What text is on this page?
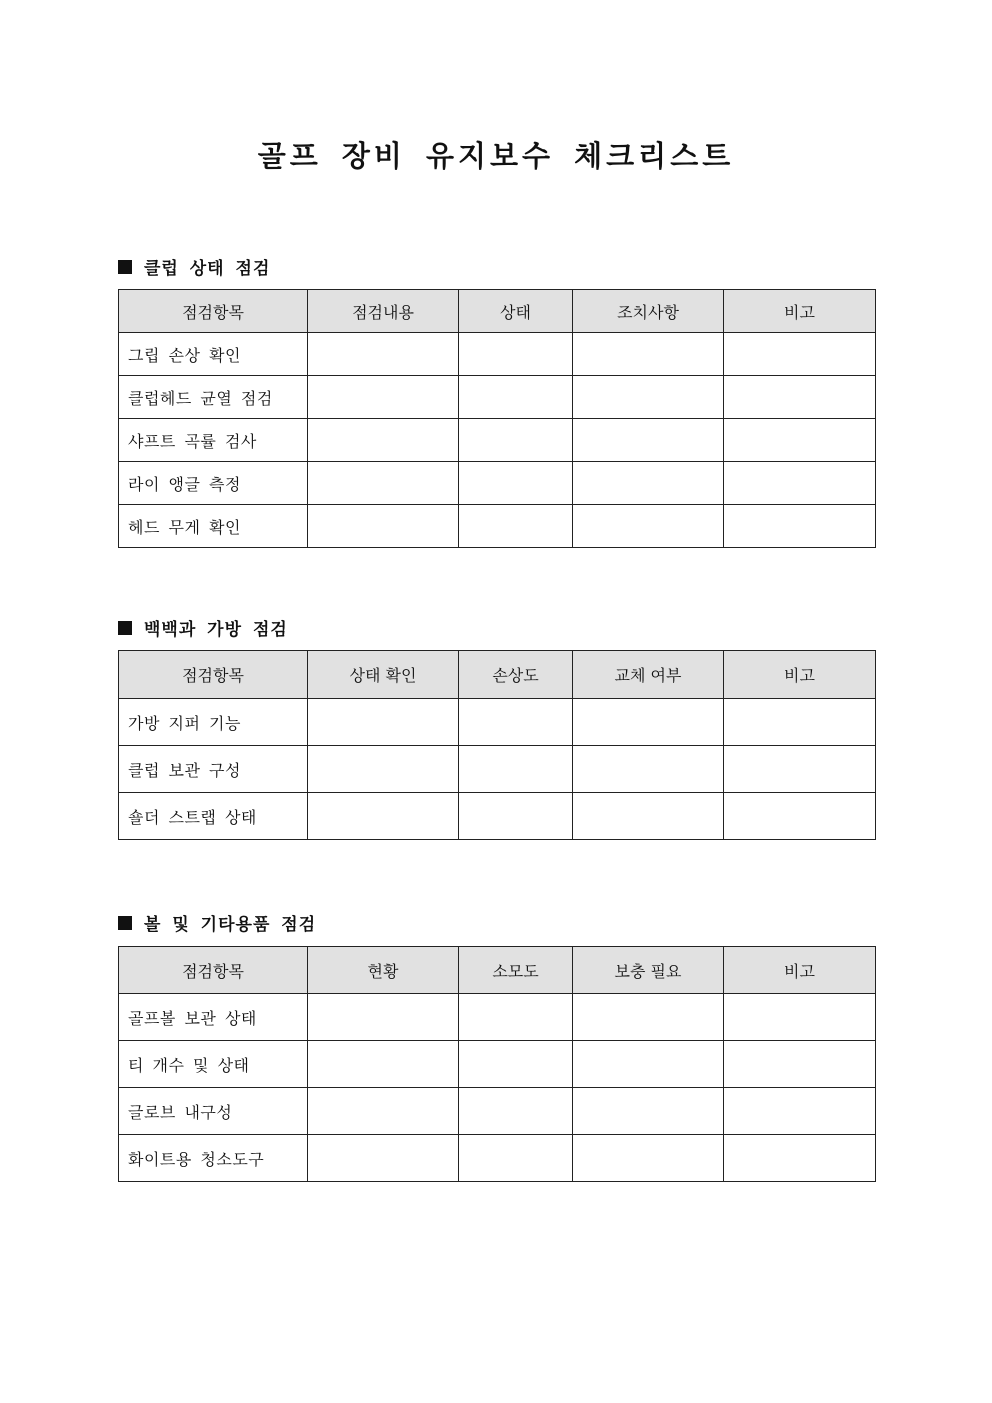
골프 장비 유지보수 체크리스트
클럽 상태 점검
백백과 가방 점검
볼 및 기타용품 점검
점검항목	점검내용	상태	조치사항	비고
그립 손상 확인				
클럽헤드 균열 점검				
샤프트 곡률 검사				
라이 앵글 측정				
헤드 무게 확인				
점검항목	상태 확인	손상도	교체 여부	비고
가방 지퍼 기능				
클럽 보관 구성				
숄더 스트랩 상태				
점검항목	현황	소모도	보충 필요	비고
골프볼 보관 상태				
티 개수 및 상태				
글로브 내구성				
화이트용 청소도구				
